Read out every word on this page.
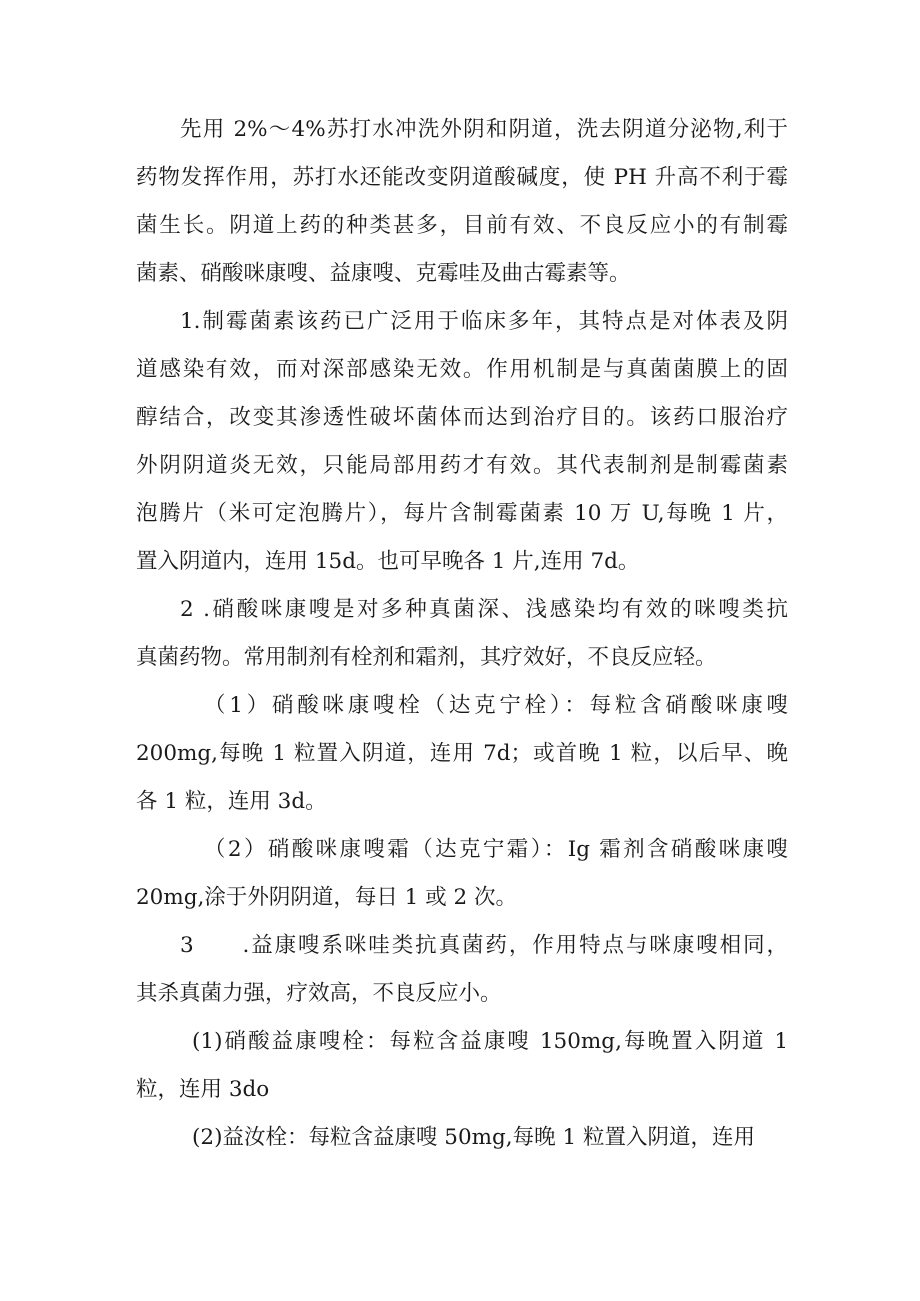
先用 2%～4%苏打水冲洗外阴和阴道，洗去阴道分泌物,利于
药物发挥作用，苏打水还能改变阴道酸碱度，使 PH 升高不利于霉
菌生长。阴道上药的种类甚多，目前有效、不良反应小的有制霉
菌素、硝酸咪康嗖、益康嗖、克霉哇及曲古霉素等。
1.制霉菌素该药已广泛用于临床多年，其特点是对体表及阴
道感染有效，而对深部感染无效。作用机制是与真菌菌膜上的固
醇结合，改变其渗透性破坏菌体而达到治疗目的。该药口服治疗
外阴阴道炎无效，只能局部用药才有效。其代表制剂是制霉菌素
泡腾片（米可定泡腾片），每片含制霉菌素 10 万 U,每晚 1 片，
置入阴道内，连用 15d。也可早晚各 1 片,连用 7d。
2 .硝酸咪康嗖是对多种真菌深、浅感染均有效的咪嗖类抗
真菌药物。常用制剂有栓剂和霜剂，其疗效好，不良反应轻。
（1）硝酸咪康嗖栓（达克宁栓）：每粒含硝酸咪康嗖
200mg,每晚 1 粒置入阴道，连用 7d；或首晚 1 粒，以后早、晚
各 1 粒，连用 3d。
（2）硝酸咪康嗖霜（达克宁霜）：Ig 霜剂含硝酸咪康嗖
20mg,涂于外阴阴道，每日 1 或 2 次。
3　　.益康嗖系咪哇类抗真菌药，作用特点与咪康嗖相同，
其杀真菌力强，疗效高，不良反应小。
(1)硝酸益康嗖栓：每粒含益康嗖 150mg,每晚置入阴道 1
粒，连用 3do
(2)益汝栓：每粒含益康嗖 50mg,每晚 1 粒置入阴道，连用
